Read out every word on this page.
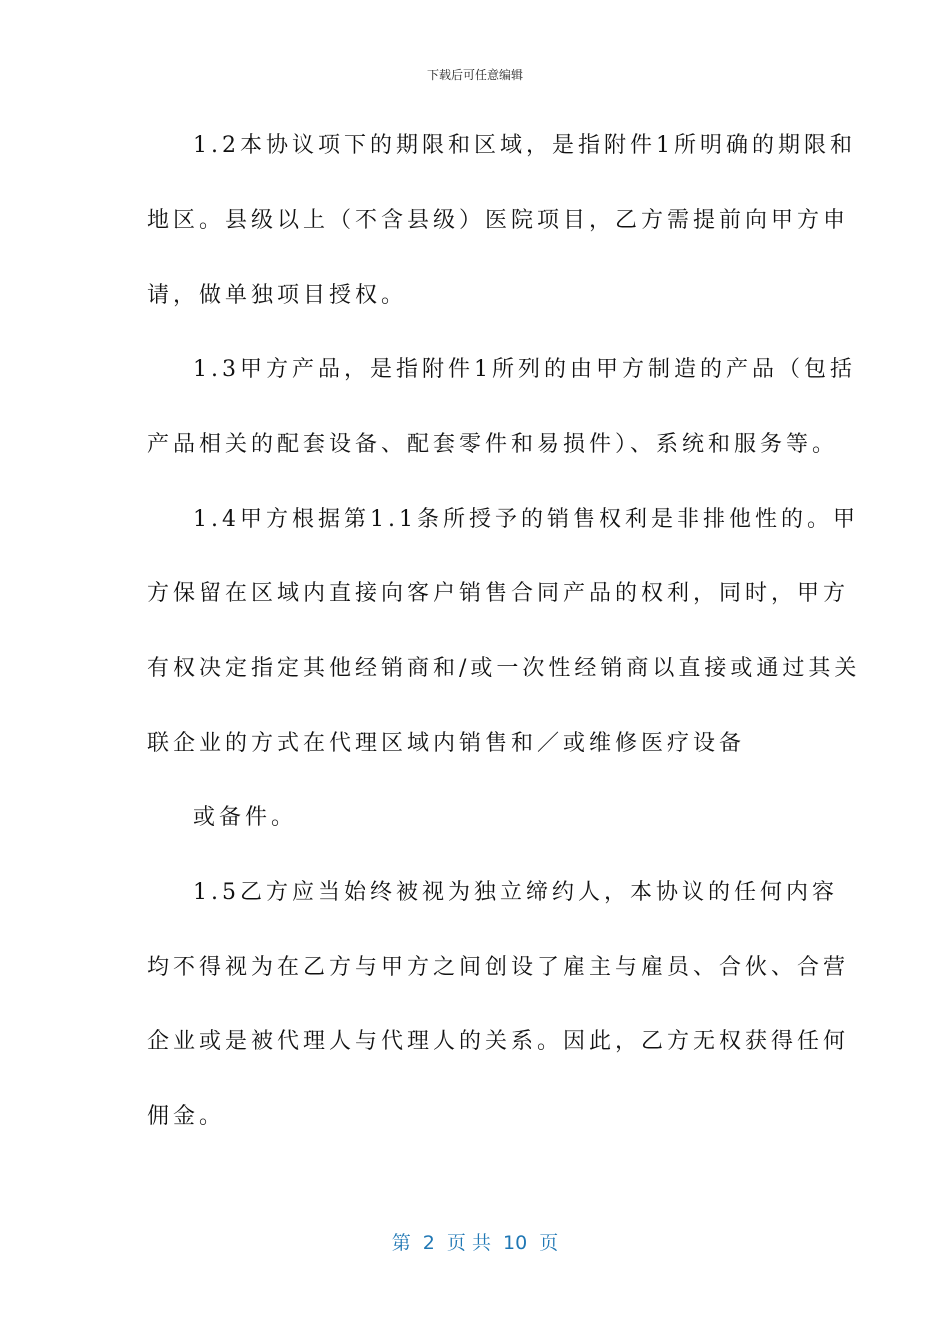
下载后可任意编辑
1.2本协议项下的期限和区域，是指附件1所明确的期限和
地区。县级以上（不含县级）医院项目，乙方需提前向甲方申
请，做单独项目授权。
1.3甲方产品，是指附件1所列的由甲方制造的产品（包括
产品相关的配套设备、配套零件和易损件）、系统和服务等。
1.4甲方根据第1.1条所授予的销售权利是非排他性的。甲
方保留在区域内直接向客户销售合同产品的权利，同时，甲方
有权决定指定其他经销商和/或一次性经销商以直接或通过其关
联企业的方式在代理区域内销售和／或维修医疗设备
或备件。
1.5乙方应当始终被视为独立缔约人，本协议的任何内容
均不得视为在乙方与甲方之间创设了雇主与雇员、合伙、合营
企业或是被代理人与代理人的关系。因此，乙方无权获得任何
佣金。
第  2  页 共  10  页
